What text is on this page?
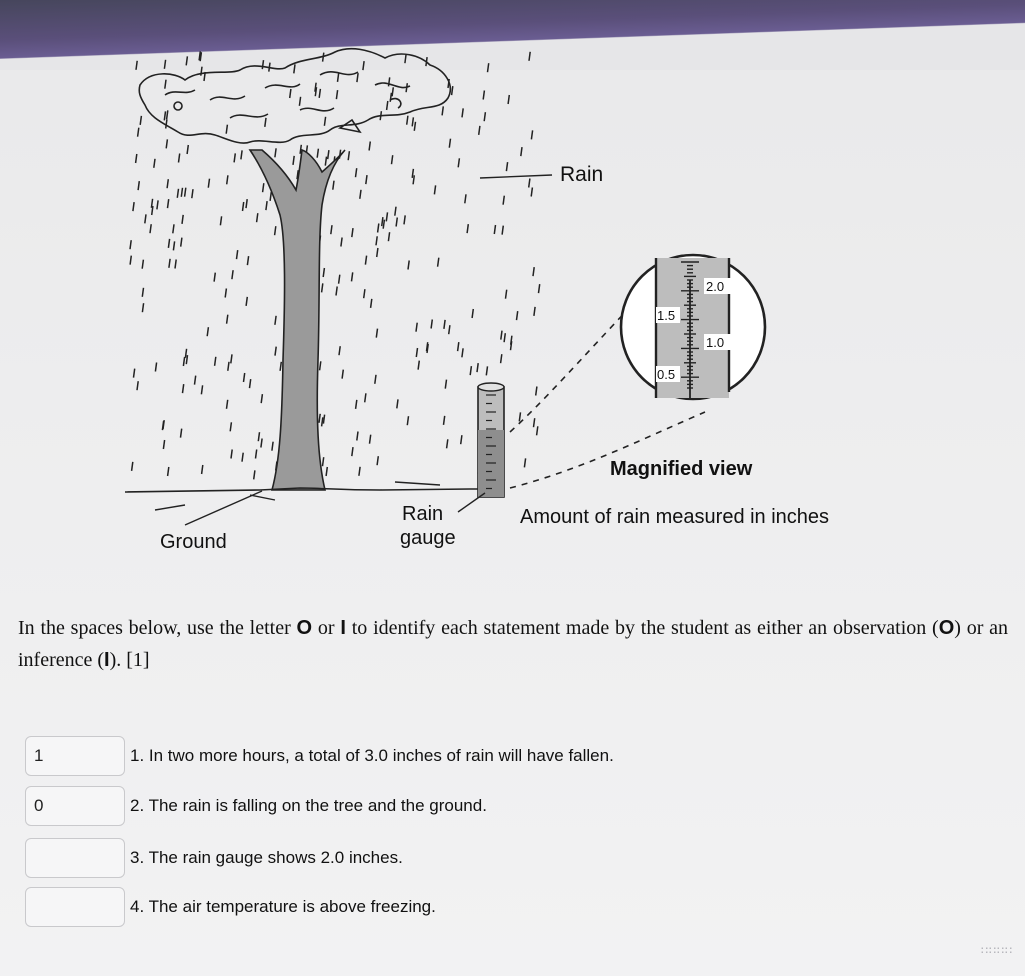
2.0
1.5
1.0
0.5
Rain
Magnified view
Ground
Rain
gauge
Amount of rain measured in inches
In the spaces below, use the letter O or I to identify each statement made by the student as either an observation (O) or an inference (I). [1]
1
1. In two more hours, a total of 3.0 inches of rain will have fallen.
0
2. The rain is falling on the tree and the ground.
3. The rain gauge shows 2.0 inches.
4. The air temperature is above freezing.
∷∷∷∷
